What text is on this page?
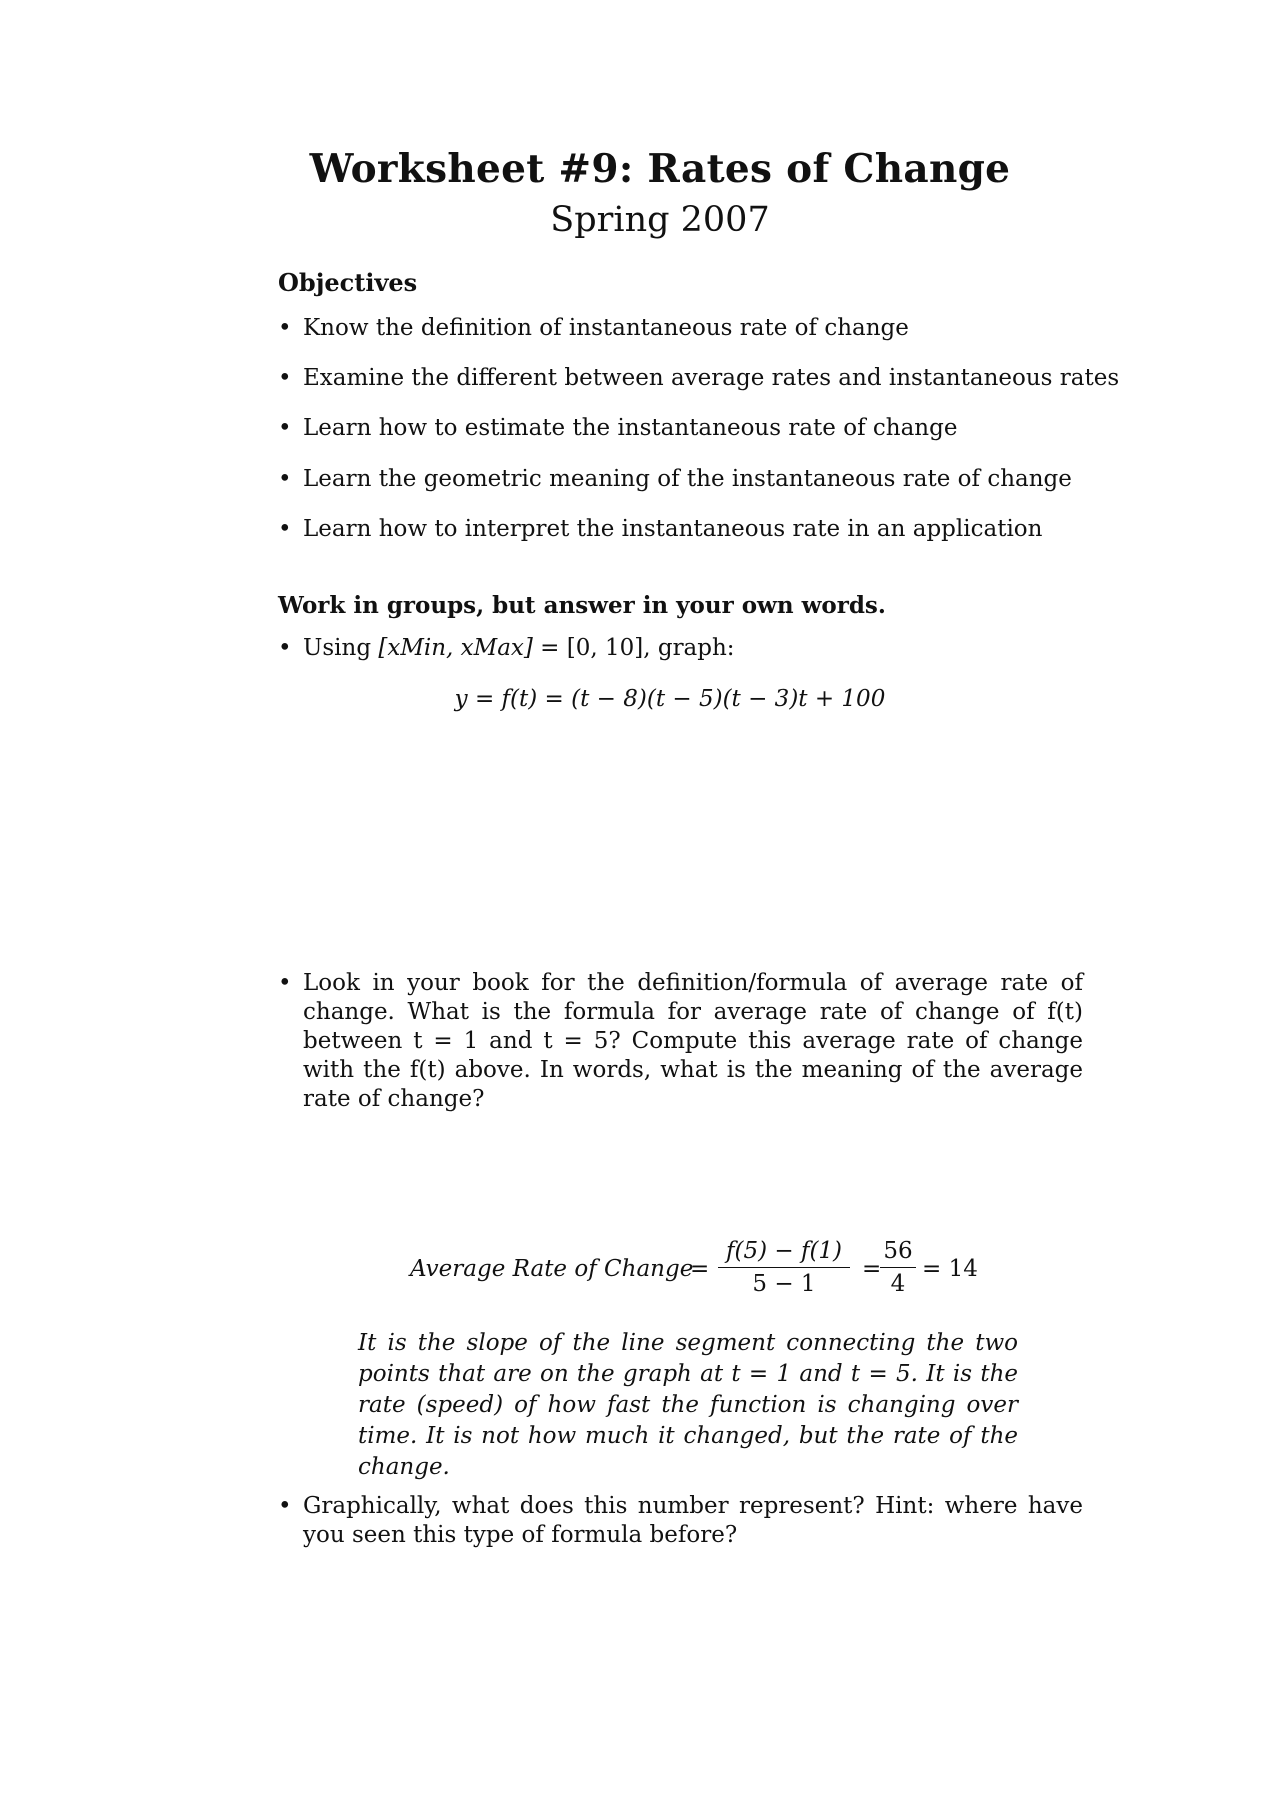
Worksheet #9: Rates of Change
Spring 2007
Objectives
• Know the definition of instantaneous rate of change
• Examine the different between average rates and instantaneous rates
• Learn how to estimate the instantaneous rate of change
• Learn the geometric meaning of the instantaneous rate of change
• Learn how to interpret the instantaneous rate in an application
Work in groups, but answer in your own words.
• Using [xMin, xMax] = [0, 10], graph:
y = f(t) = (t − 8)(t − 5)(t − 3)t + 100
• Look in your book for the definition/formula of average rate of change. What is the formula for average rate of change of f(t) between t = 1 and t = 5? Compute this average rate of change with the f(t) above. In words, what is the meaning of the average rate of change?
Average Rate of Change
=
f(5) − f(1)
5 − 1
=
56
4
= 14
It is the slope of the line segment connecting the two points that are on the graph at t = 1 and t = 5. It is the rate (speed) of how fast the function is changing over time. It is not how much it changed, but the rate of the change.
• Graphically, what does this number represent? Hint: where have you seen this type of formula before?
